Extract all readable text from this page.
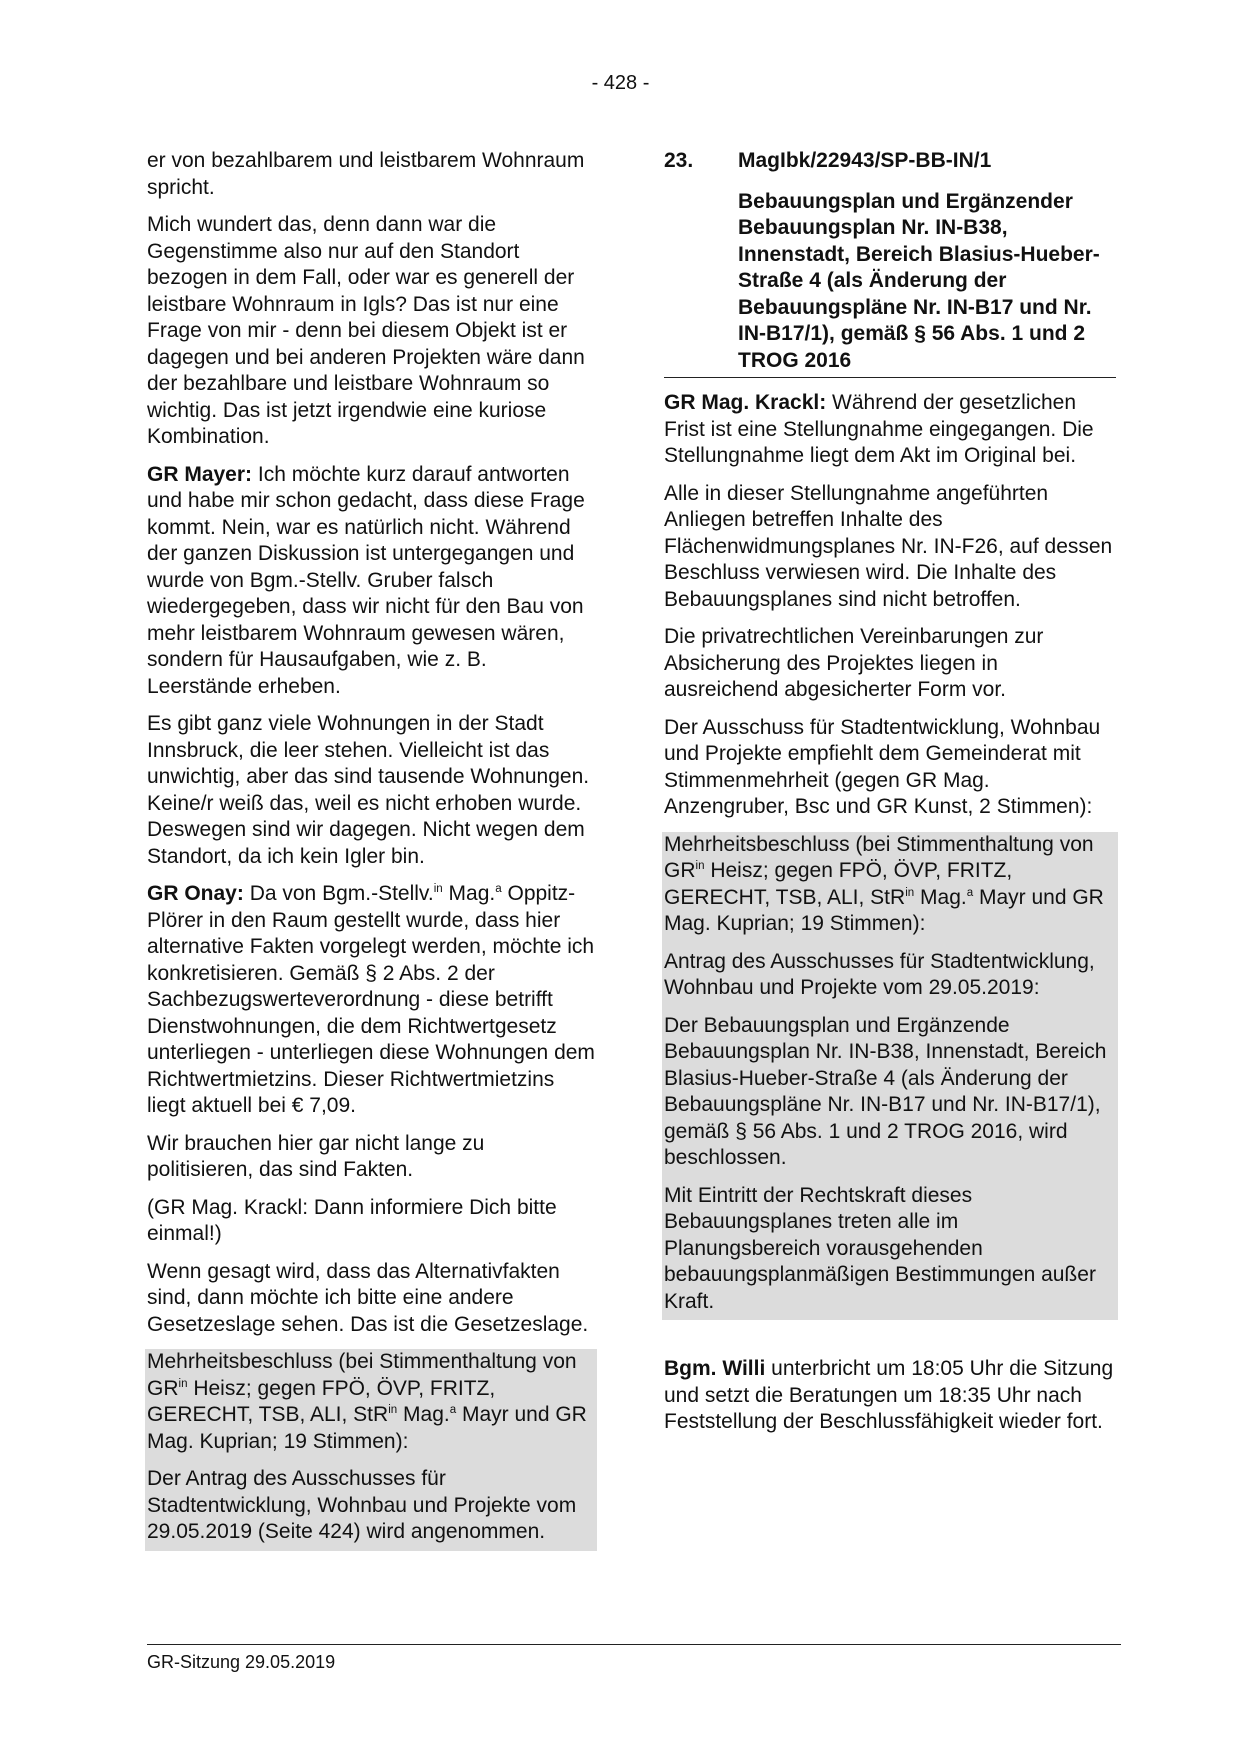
- 428 -

er von bezahlbarem und leistbarem Wohnraum spricht.

Mich wundert das, denn dann war die Gegenstimme also nur auf den Standort bezogen in dem Fall, oder war es generell der leistbare Wohnraum in Igls? Das ist nur eine Frage von mir - denn bei diesem Objekt ist er dagegen und bei anderen Projekten wäre dann der bezahlbare und leistbare Wohnraum so wichtig. Das ist jetzt irgendwie eine kuriose Kombination.

GR Mayer: Ich möchte kurz darauf antworten und habe mir schon gedacht, dass diese Frage kommt. Nein, war es natürlich nicht. Während der ganzen Diskussion ist untergegangen und wurde von Bgm.-Stellv. Gruber falsch wiedergegeben, dass wir nicht für den Bau von mehr leistbarem Wohnraum gewesen wären, sondern für Hausaufgaben, wie z. B. Leerstände erheben.

Es gibt ganz viele Wohnungen in der Stadt Innsbruck, die leer stehen. Vielleicht ist das unwichtig, aber das sind tausende Wohnungen. Keine/r weiß das, weil es nicht erhoben wurde. Deswegen sind wir dagegen. Nicht wegen dem Standort, da ich kein Igler bin.

GR Onay: Da von Bgm.-Stellv.$^{in}$ Mag.$^a$ Oppitz-Plörer in den Raum gestellt wurde, dass hier alternative Fakten vorgelegt werden, möchte ich konkretisieren. Gemäß § 2 Abs. 2 der Sachbezugswerteverordnung - diese betrifft Dienstwohnungen, die dem Richtwertgesetz unterliegen - unterliegen diese Wohnungen dem Richtwertmietzins. Dieser Richtwertmietzins liegt aktuell bei € 7,09.

Wir brauchen hier gar nicht lange zu politisieren, das sind Fakten.

(GR Mag. Krackl: Dann informiere Dich bitte einmal!)

Wenn gesagt wird, dass das Alternativfakten sind, dann möchte ich bitte eine andere Gesetzeslage sehen. Das ist die Gesetzeslage.

Mehrheitsbeschluss (bei Stimmenthaltung von $GR^{in}$ Heisz; gegen FPÖ, ÖVP, FRITZ, GERECHT, TSB, ALI, StR$^{in}$ Mag.$^a$ Mayr und GR Mag. Kuprian; 19 Stimmen):

Der Antrag des Ausschusses für Stadtentwicklung, Wohnbau und Projekte vom 29.05.2019 (Seite 424) wird angenommen.

23. MagIbk/22943/SP-BB-IN/1
Bebauungsplan und Ergänzender Bebauungsplan Nr. IN-B38, Innenstadt, Bereich Blasius-Hueber-Straße 4 (als Änderung der Bebauungspläne Nr. IN-B17 und Nr. IN-B17/1), gemäß § 56 Abs. 1 und 2 TROG 2016

GR Mag. Krackl: Während der gesetzlichen Frist ist eine Stellungnahme eingegangen. Die Stellungnahme liegt dem Akt im Original bei.

Alle in dieser Stellungnahme angeführten Anliegen betreffen Inhalte des Flächenwidmungsplanes Nr. IN-F26, auf dessen Beschluss verwiesen wird. Die Inhalte des Bebauungsplanes sind nicht betroffen.

Die privatrechtlichen Vereinbarungen zur Absicherung des Projektes liegen in ausreichend abgesicherter Form vor.

Der Ausschuss für Stadtentwicklung, Wohnbau und Projekte empfiehlt dem Gemeinderat mit Stimmenmehrheit (gegen GR Mag. Anzengruber, Bsc und GR Kunst, 2 Stimmen):

Mehrheitsbeschluss (bei Stimmenthaltung von $GR^{in}$ Heisz; gegen FPÖ, ÖVP, FRITZ, GERECHT, TSB, ALI, StR$^{in}$ Mag.$^a$ Mayr und GR Mag. Kuprian; 19 Stimmen):

Antrag des Ausschusses für Stadtentwicklung, Wohnbau und Projekte vom 29.05.2019:

Der Bebauungsplan und Ergänzende Bebauungsplan Nr. IN-B38, Innenstadt, Bereich Blasius-Hueber-Straße 4 (als Änderung der Bebauungspläne Nr. IN-B17 und Nr. IN-B17/1), gemäß § 56 Abs. 1 und 2 TROG 2016, wird beschlossen.

Mit Eintritt der Rechtskraft dieses Bebauungsplanes treten alle im Planungsbereich vorausgehenden bebauungsplanmäßigen Bestimmungen außer Kraft.

Bgm. Willi unterbricht um 18:05 Uhr die Sitzung und setzt die Beratungen um 18:35 Uhr nach Feststellung der Beschlussfähigkeit wieder fort.

GR-Sitzung 29.05.2019
